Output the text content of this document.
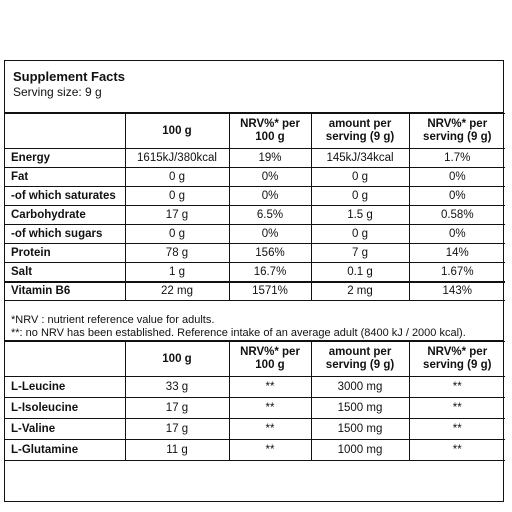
Supplement Facts
Serving size: 9 g
	100 g	NRV%* per 100 g	amount per serving (9 g)	NRV%* per serving (9 g)
Energy	1615kJ/380kcal	19%	145kJ/34kcal	1.7%
Fat	0 g	0%	0 g	0%
-of which saturates	0 g	0%	0 g	0%
Carbohydrate	17 g	6.5%	1.5 g	0.58%
-of which sugars	0 g	0%	0 g	0%
Protein	78 g	156%	7 g	14%
Salt	1 g	16.7%	0.1 g	1.67%
Vitamin B6	22 mg	1571%	2 mg	143%
*NRV : nutrient reference value for adults.
**: no NRV has been established. Reference intake of an average adult (8400 kJ / 2000 kcal).
	100 g	NRV%* per 100 g	amount per serving (9 g)	NRV%* per serving (9 g)
L-Leucine	33 g	**	3000 mg	**
L-Isoleucine	17 g	**	1500 mg	**
L-Valine	17 g	**	1500 mg	**
L-Glutamine	11 g	**	1000 mg	**
